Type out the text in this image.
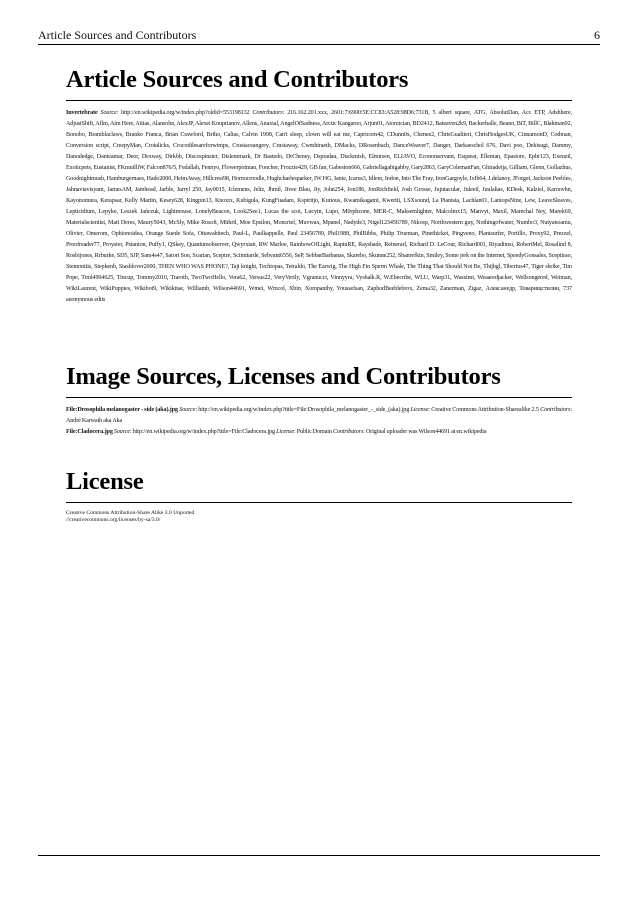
Article Sources and Contributors	6
Article Sources and Contributors

Invertebrate Source: http://en.wikipedia.org/w/index.php?oldid=553198132 Contributors: 216.162.201.xxx, 2601:7:6900:5E:CC83:A528:98D6:731B, 5 albert square, ATG, AbsolutDan, Acc ETP, Adshhere, AdjustShift, Aflm, Aim Here, Aitias, Alansohn, AlexJP, Alexei Kouprianov, Allens, Anaxial, AngelOfSadness, Arctic Kangaroo, Arjun01, Atomician, BD2412, Bateaven2k9, Backerhalle, Beano, BiT, BillC, Blahman92, Bonobo, Bramblaclaws, Branko Franca, Brian Crawford, Briho, Caltas, Calvin 1998, Can't sleep, clown will eat me, Capricorn42, CDunn0x, Chenee2, ChrisGualtieri, ChrisHodgesUK, CinnamonD, Codman, Conversion script, CreepyMan, Crotalicks, Crocodilesareforwimps, Crustaceangrey, Crustaway, Cwmhiraeth, DMacks, DRosenbach, DanceWeaver7, Danger, Darkaeschol 676, Davi poo, Dekisugi, Dammy, Danodedge, Danieamar, Deor, Dexway, Dirkbb, Discospinster, Dislemmark, Dr Bastedo, DrCheney, Dspradau, Duckmish, Elmirsen, ELIAVO, Econonservant, Esquear, Elleman, Epastore, Epbr123, Exenzil, Exoticpets, Eustanist, FKmuilliW, Falcon876/5, Fedallah, Fennyo, Flowerpotman, Foncher, Frozzie429, GB fan, Gabeston666, Gabriellagabigabby, Gary2863, GaryColemanFan, Ghiradeija, Gilliam, Glenn, Gollazhus, Goodnightmush, Hamburgernaes, Hado2000, HeimAway, Hillcrest98, Hornocroodle, Hughcharlesparker, IW HG, Ianie, Icarus3, Idlem, Indon, Into The Fray, IronGargoyle, IxIb64, J.delanoy, JForget, Jackson Peebles, Jahnaviavisyam, JamesAM, Jamhead, Jarble, Jarryl 250, Jay0015, Jclemens, Jeltz, Jhmil, Jivee Blau, Jiy, John254, Jon186, JonRichfield, Josh Grosse, Jujutacular, Juleeil, Juulalias, KDesk, Kalziel, Karnovhn, Kayonomura, Kerapsar, Kelly Martin, Kesey628, Kingpin13, Knoxix, Kubigula, KungFuadam, Kspiritjo, Kurious, Kwamikagami, Kwertii, LSXsound, La Pianista, Lachlan01, LaniopsNine, Lew, LeaveSleaves, Lepticidium, Lepyke, Leszek Jańczuk, Lightmouse, LonelyBeacon, Look2See1, Lucas the scot, Lucyin, Lupo, M0rphzone, MER-C, Maksemlighter, Malcolmx15, Manvyi, Maxil, Marechal Ney, Marek69, Materialscientist, Matt Deres, Maury5043, McSly, Mike Rosoft, Mithril, Moe Epsilon, Moncrief, Muvwax, Mpanel, Nadyde3, Nigel123456789, Nikosp, Northwestern guy, Nothingofwater, Numbo3, Nutyanoamu, Olivier, Omerom, Ophionoidea, Orange Suede Sofa, Ottawahitech, Paul-L, Paulkappelle, Paul 23456789, Phil1988, PhilBibbs, Philip Trueman, Pinethicket, Pingveno, Plantsurfer, Portillo, Proxy92, Prezzel, Proofreader77, Proyster, Pstanton, Puffy1, QSkey, Quantumobserver, Qwyrxian, RW Marloe, RainbowOfLight, RaptuRE, Rayshade, Reinerarl, Richard D. LeCour, Richard001, Riyadimsi, RobertMel, Rosalind 8, Rosbijones, Rrburke, SD5, SJP, Sam4s47, Satori Son, Scarian, Sceptre, Scimitarde, Sebvant6556, SeP, SebbarBarbanas, Skarebo, Skunne252, Shanrefkin, Smiley, Some jerk on the Internet, SpeedyGonsales, Sceptirao, Stemonitis, Stephenb, Stashlover2000, THEN WHO WAS PHONE?, Taji knight, Techtopas, Tetraldo, The Earwig, The High Fin Sperm Whale, The Thing That Should Not Be, Thijbgl, Tiberius47, Tiger shrike, Tim Pope, Timl4994625, Tincup, Tommy2010, Traroth, TwoTwoHello, Vera62, Versus22, VeryVerily, Vgranucci, Vinnyyra, Vyshalk.R, W.Ebecribe, WLU, Warp31, Wassimi, Weaaredjacker, Wellsongered, Weiman, WikiLaurent, WikiPuppies, Wikibot9, Wikikitae, Williamb, Wilson44691, Wmei, Wmcol, Xbin, Xompanthy, Youssefsan, ZaphodBeeblebrox, Zema32, Zanerman, Zigaz, Алексанедр, Товарищстилин, 737 anonymous edits

Image Sources, Licenses and Contributors

File:Drosophila melanogaster - side (aka).jpg Source: http://en.wikipedia.org/w/index.php?title=File:Drosophila_melanogaster_-_side_(aka).jpg License: Creative Commons Attribution-Sharealike 2.5 Contributors: André Karwath aka Aka

File:Cladocera.jpg Source: http://en.wikipedia.org/w/index.php?title=File:Cladocera.jpg License: Public Domain Contributors: Original uploader was Wilson44691 at en.wikipedia

License

Creative Commons Attribution-Share Alike 3.0 Unported

//creativecommons.org/licenses/by-sa/3.0/
